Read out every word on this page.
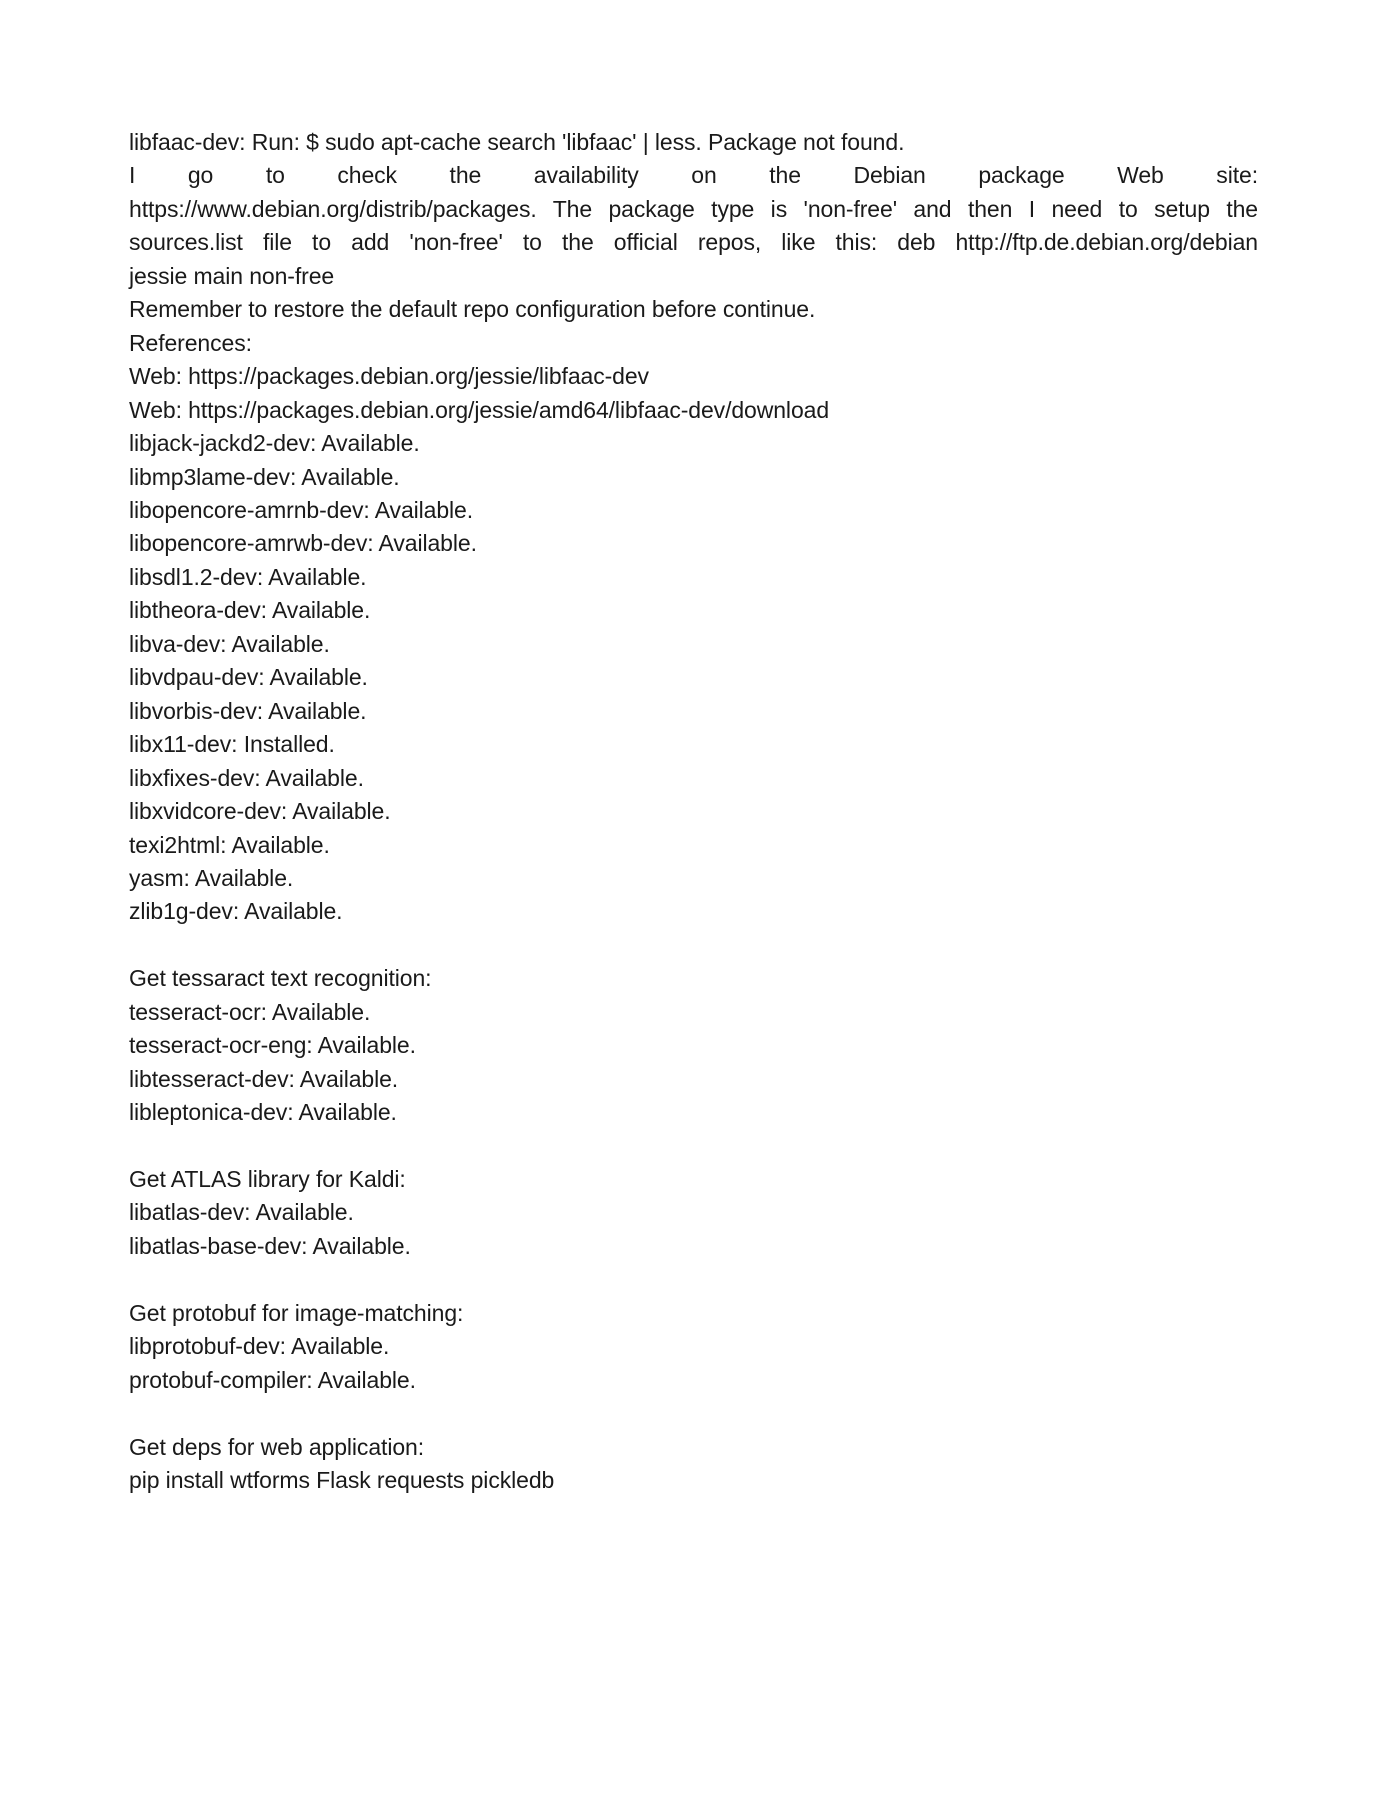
libfaac-dev: Run: $ sudo apt-cache search 'libfaac' | less. Package not found.
I go to check the availability on the Debian package Web site:
https://www.debian.org/distrib/packages. The package type is 'non-free' and then I need to setup the
sources.list file to add 'non-free' to the official repos, like this: deb http://ftp.de.debian.org/debian
jessie main non-free
Remember to restore the default repo configuration before continue.
References:
Web: https://packages.debian.org/jessie/libfaac-dev
Web: https://packages.debian.org/jessie/amd64/libfaac-dev/download
libjack-jackd2-dev: Available.
libmp3lame-dev: Available.
libopencore-amrnb-dev: Available.
libopencore-amrwb-dev: Available.
libsdl1.2-dev: Available.
libtheora-dev: Available.
libva-dev: Available.
libvdpau-dev: Available.
libvorbis-dev: Available.
libx11-dev: Installed.
libxfixes-dev: Available.
libxvidcore-dev: Available.
texi2html: Available.
yasm: Available.
zlib1g-dev: Available.
Get tessaract text recognition:
tesseract-ocr: Available.
tesseract-ocr-eng: Available.
libtesseract-dev: Available.
libleptonica-dev: Available.
Get ATLAS library for Kaldi:
libatlas-dev: Available.
libatlas-base-dev: Available.
Get protobuf for image-matching:
libprotobuf-dev: Available.
protobuf-compiler: Available.
Get deps for web application:
pip install wtforms Flask requests pickledb
